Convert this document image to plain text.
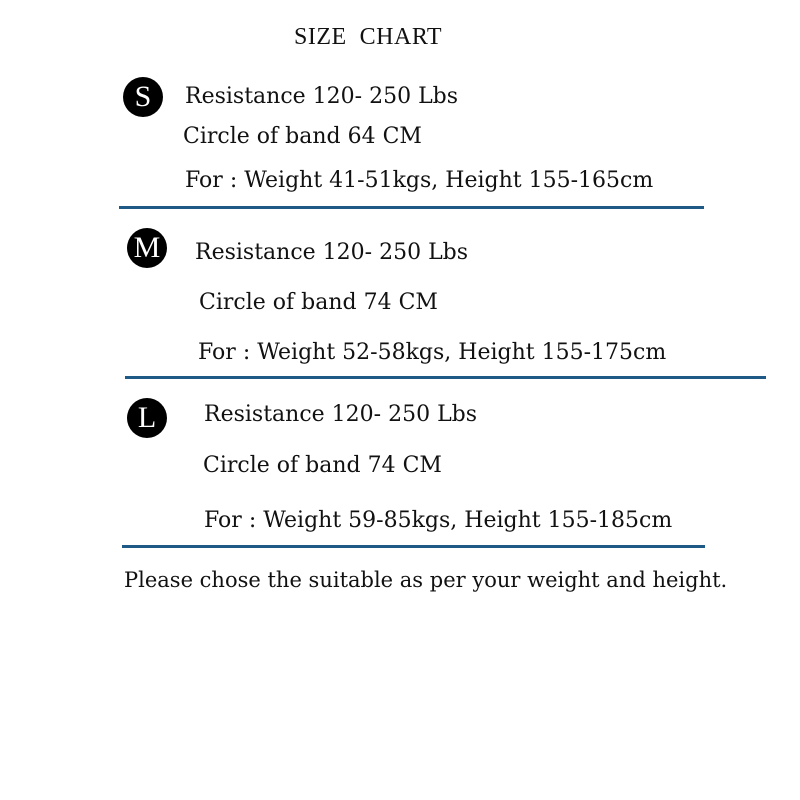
SIZE  CHART
S	Resistance 120- 250 Lbs
Circle of band 64 CM
For : Weight 41-51kgs, Height 155-165cm
M	Resistance 120- 250 Lbs
Circle of band 74 CM
For : Weight 52-58kgs, Height 155-175cm
L	Resistance 120- 250 Lbs
Circle of band 74 CM
For : Weight 59-85kgs, Height 155-185cm
Please chose the suitable as per your weight and height.
